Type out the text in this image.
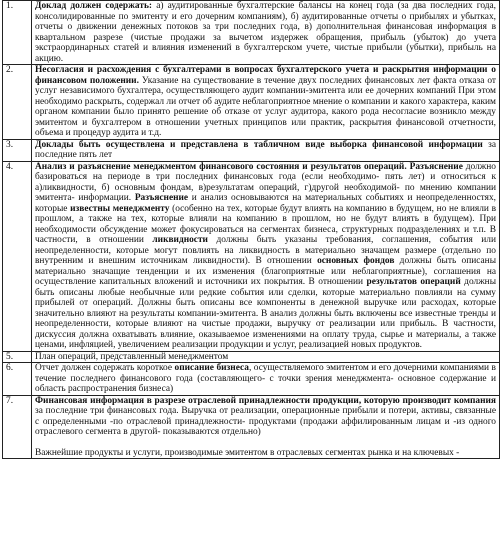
1.	Доклад должен содержать: а) аудитированные бухгалтерские балансы на конец года (за два последних года, консолидированные по эмитенту и его дочерним компаниям), б) аудитированные отчеты о прибылях и убытках, отчеты о движении денежных потоков за три последних года, в) дополнительная финансовая информация в квартальном разрезе (чистые продажи за вычетом издержек обращения, прибыль (убыток) до учета экстраординарных статей и влияния изменений в бухгалтерском учете, чистые прибыли (убытки), прибыль на акцию.

2.	Несогласия и расхождения с бухгалтерами в вопросах бухгалтерского учета и раскрытия информации о финансовом положении. Указание на существование в течение двух последних финансовых лет факта отказа от услуг независимого бухгалтера, осуществляющего аудит компании-эмитента или ее дочерних компаний При этом необходимо раскрыть, содержал ли отчет об аудите неблагоприятное мнение о компании и какого характера, каким органом компании было принято решение об отказе от услуг аудитора, какого рода несогласие возникло между эмитентом и бухгалтером в отношении учетных принципов или практик, раскрытия финансовой отчетности, объема и процедур аудита и т.д.

3.	Доклады быть осуществлена и представлена в табличном виде выборка финансовой информации за последние пять лет

4.	Анализ и разъяснение менеджментом финансового состояния и результатов операций. Разъяснение должно базироваться на периоде в три последних финансовых года (если необходимо- пять лет) и относиться к а)ликвидности, б) основным фондам, в)результатам операций, г)другой необходимой- по мнению компании эмитента- информации. Разъяснение и анализ основываются на материальных событиях и неопределенностях, которые известны менеджменту (особенно на тех, которые будут влиять на компанию в будущем, но не влияли в прошлом, а также на тех, которые влияли на компанию в прошлом, но не будут влиять в будущем). При необходимости обсуждение может фокусироваться на сегментах бизнеса, структурных подразделениях и т.п. В частности, в отношении ликвидности должны быть указаны требования, соглашения, события или неопределенности, которые могут повлиять на ликвидность в материально значащем размере (отдельно по внутренним и внешним источникам ликвидности). В отношении основных фондов должны быть описаны материально значащие тенденции и их изменения (благоприятные или неблагоприятные), соглашения на осуществление капитальных вложений и источники их покрытия. В отношении результатов операций должны быть описаны любые необычные или редкие события или сделки, которые материально повлияли на сумму прибылей от операций. Должны быть описаны все компоненты в денежной выручке или расходах, которые значительно влияют на результаты компании-эмитента. В анализ должны быть включены все известные тренды и неопределенности, которые влияют на чистые продажи, выручку от реализации или прибыль. В частности, дискуссия должна охватывать влияние, оказываемое изменениями на оплату труда, сырье и материалы, а также ценами, инфляцией, увеличением реализации продукции и услуг, реализацией новых продуктов.

5.	План операций, представленный менеджментом

6.	Отчет должен содержать короткое описание бизнеса, осуществляемого эмитентом и его дочерними компаниями в течение последнего финансового года (составляющего- с точки зрения менеджмента- основное содержание и область распространения бизнеса)

7.	Финансовая информация в разрезе отраслевой принадлежности продукции, которую производит компания за последние три финансовых года. Выручка от реализации, операционные прибыли и потери, активы, связанные с определенными -по отраслевой принадлежности- продуктами (продажи аффилированным лицам и -из одного отраслевого сегмента в другой- показываются отдельно)

Важнейшие продукты и услуги, производимые эмитентом в отраслевых сегментах рынка и на ключевых -
